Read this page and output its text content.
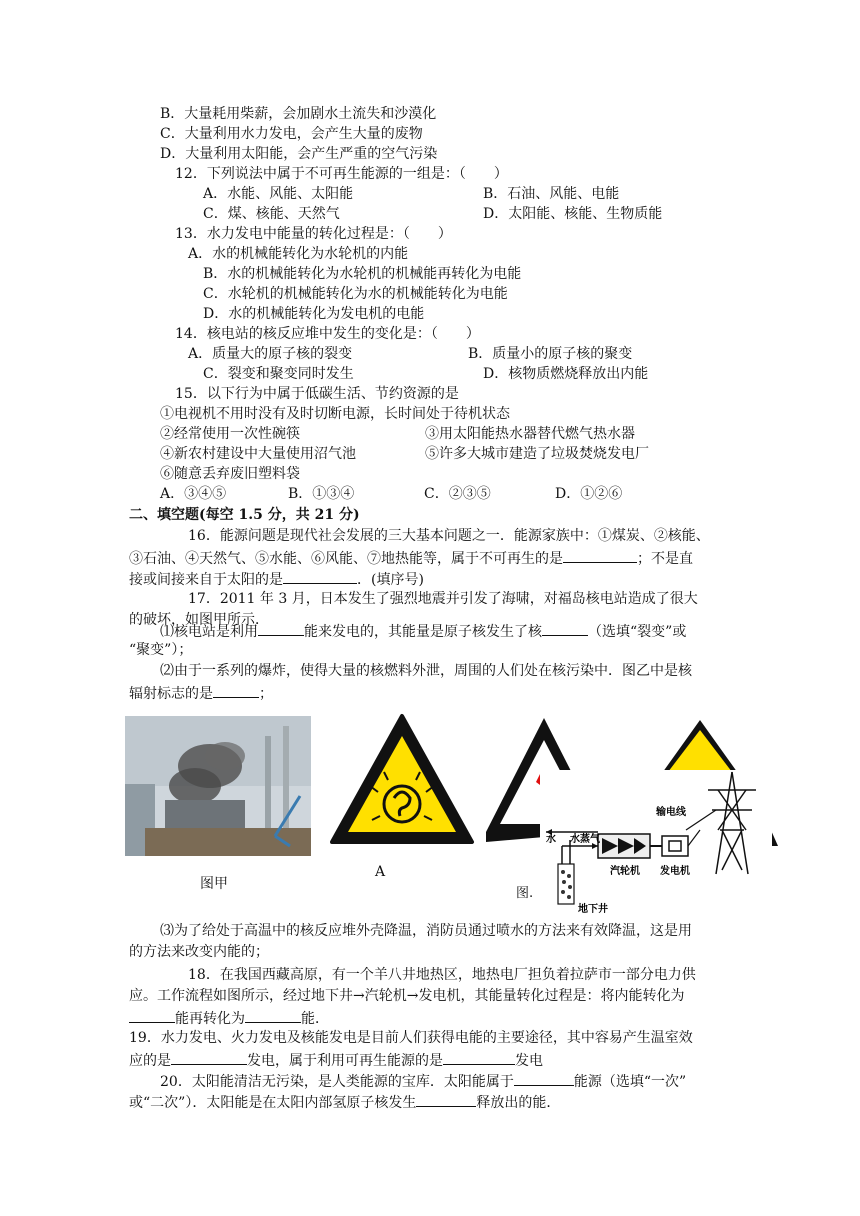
B．大量耗用柴薪，会加剧水土流失和沙漠化
C．大量利用水力发电，会产生大量的废物
D．大量利用太阳能，会产生严重的空气污染
12．下列说法中属于不可再生能源的一组是：（　　）
A．水能、风能、太阳能	B．石油、风能、电能
C．煤、核能、天然气	D．太阳能、核能、生物质能
13．水力发电中能量的转化过程是：（　　）
A．水的机械能转化为水轮机的内能
B．水的机械能转化为水轮机的机械能再转化为电能
C．水轮机的机械能转化为水的机械能转化为电能
D．水的机械能转化为发电机的电能
14．核电站的核反应堆中发生的变化是：（　　）
A．质量大的原子核的裂变	B．质量小的原子核的聚变
C．裂变和聚变同时发生	D．核物质燃烧释放出内能
15．以下行为中属于低碳生活、节约资源的是
①电视机不用时没有及时切断电源，长时间处于待机状态
②经常使用一次性碗筷	③用太阳能热水器替代燃气热水器
④新农村建设中大量使用沼气池	⑤许多大城市建造了垃圾焚烧发电厂
⑥随意丢弃废旧塑料袋
A．③④⑤	B．①③④	C．②③⑤	D．①②⑥
二、填空题(每空 1.5 分，共 21 分)
16．能源问题是现代社会发展的三大基本问题之一．能源家族中：①煤炭、②核能、
③石油、④天然气、⑤水能、⑥风能、⑦地热能等，属于不可再生的是	；不是直
接或间接来自于太阳的是	．(填序号)
17．2011 年 3 月，日本发生了强烈地震并引发了海啸，对福岛核电站造成了很大
的破坏，如图甲所示．
⑴核电站是利用	能来发电的，其能量是原子核发生了核	（选填“裂变”或
“聚变”）；
⑵由于一系列的爆炸，使得大量的核燃料外泄，周围的人们处在核污染中．图乙中是核
辐射标志的是	；
图甲
A
输电线
水 水蒸气
汽轮机 发电机
地下井
图.
⑶为了给处于高温中的核反应堆外壳降温，消防员通过喷水的方法来有效降温，这是用
的方法来改变内能的；
18．在我国西藏高原，有一个羊八井地热区，地热电厂担负着拉萨市一部分电力供
应。工作流程如图所示，经过地下井→汽轮机→发电机，其能量转化过程是：将内能转化为
能再转化为	能．
19．水力发电、火力发电及核能发电是目前人们获得电能的主要途径，其中容易产生温室效
应的是	发电，属于利用可再生能源的是	发电
20．太阳能清洁无污染，是人类能源的宝库．太阳能属于	能源（选填“一次”
或“二次”）．太阳能是在太阳内部氢原子核发生	释放出的能．
